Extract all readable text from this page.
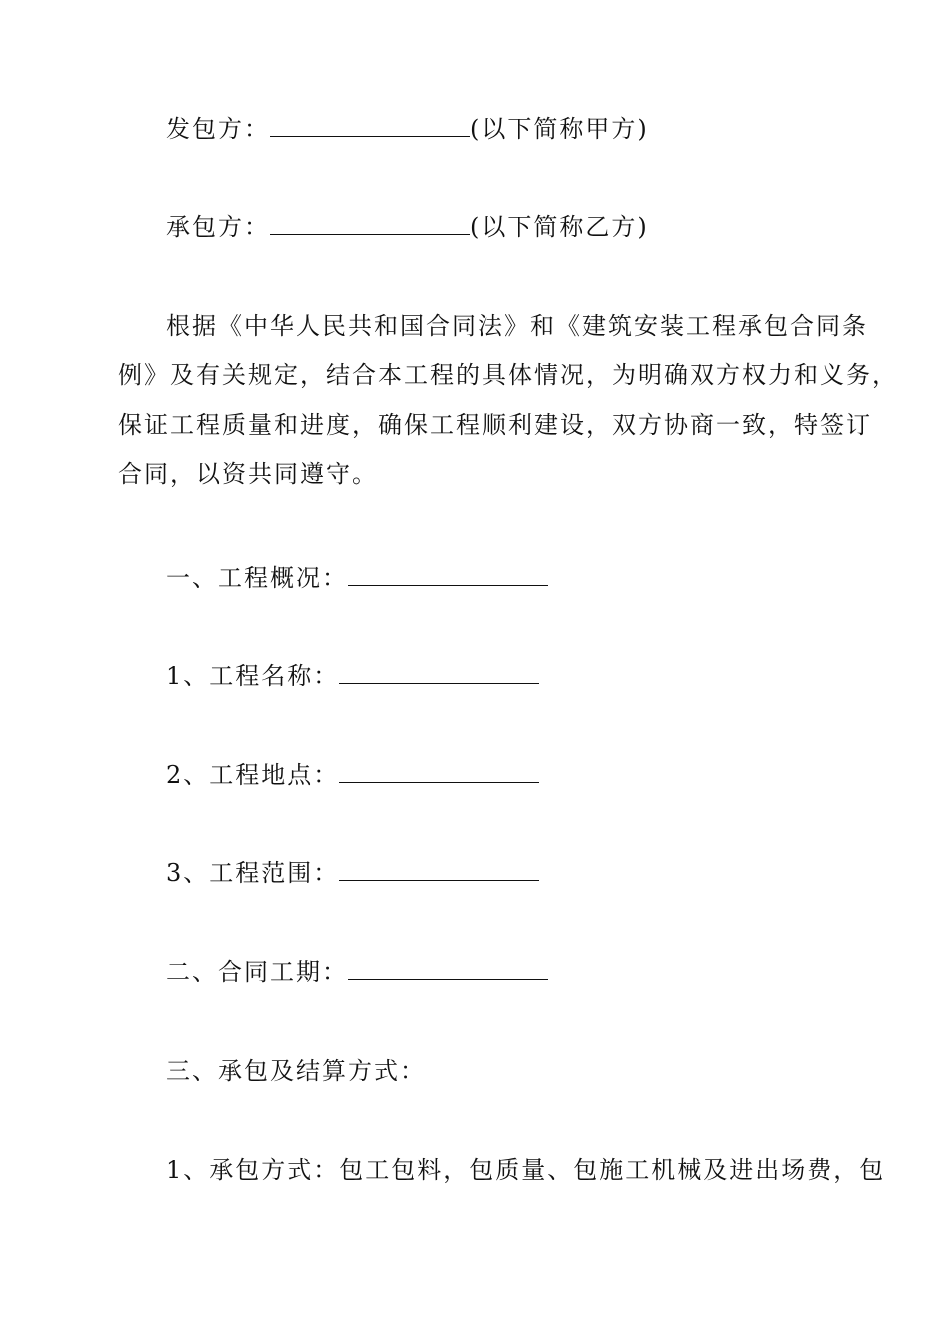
发包方：	(以下简称甲方)
承包方：	(以下简称乙方)
根据《中华人民共和国合同法》和《建筑安装工程承包合同条
例》及有关规定，结合本工程的具体情况，为明确双方权力和义务，
保证工程质量和进度，确保工程顺利建设，双方协商一致，特签订
合同，以资共同遵守。
一、工程概况：
1、工程名称：
2、工程地点：
3、工程范围：
二、合同工期：
三、承包及结算方式：
1、承包方式：包工包料，包质量、包施工机械及进出场费，包
